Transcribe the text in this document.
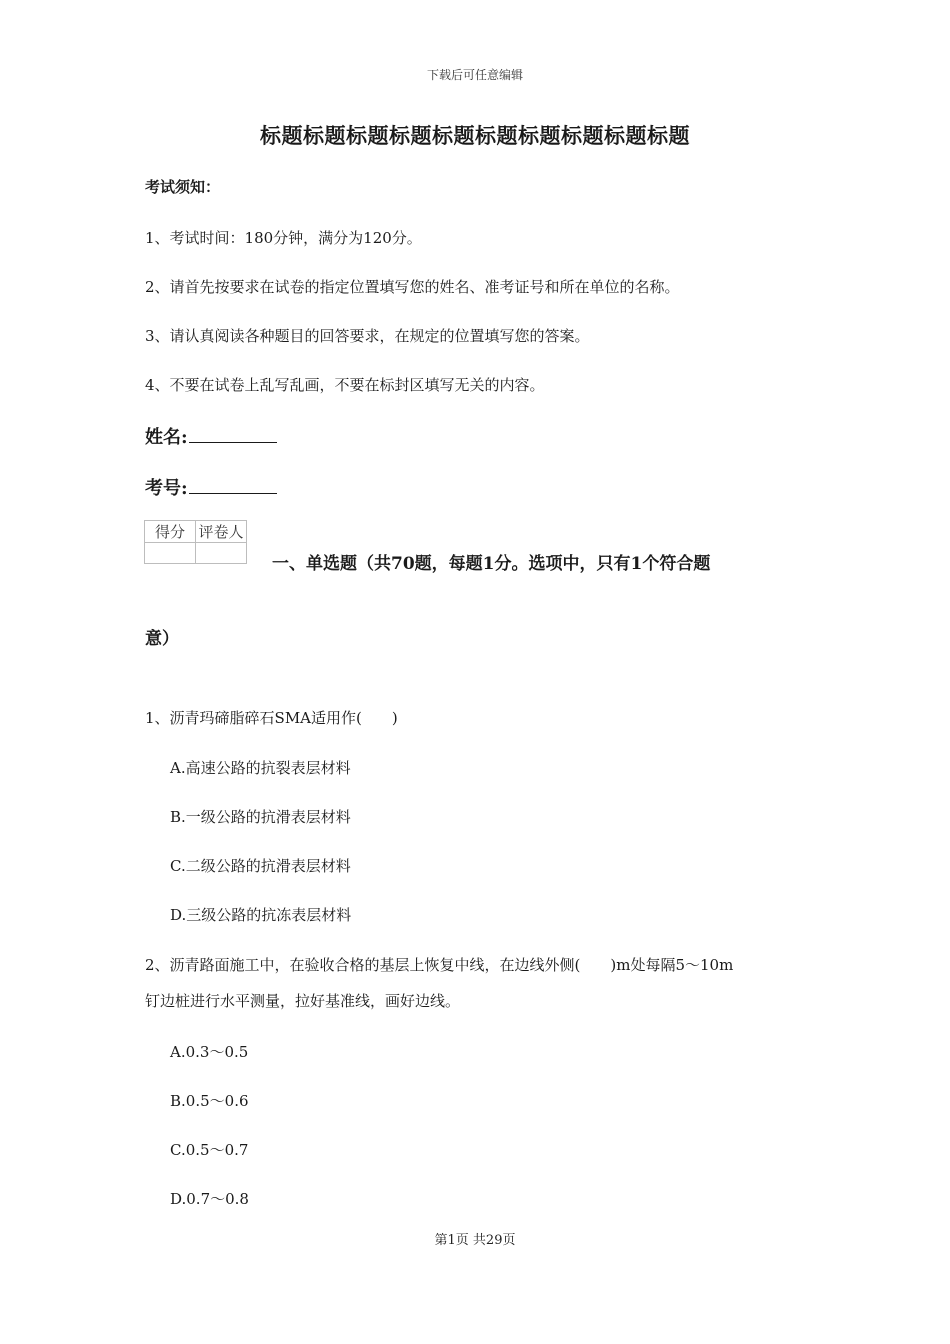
下载后可任意编辑
标题标题标题标题标题标题标题标题标题标题
考试须知：
1、考试时间：180分钟，满分为120分。
2、请首先按要求在试卷的指定位置填写您的姓名、准考证号和所在单位的名称。
3、请认真阅读各种题目的回答要求，在规定的位置填写您的答案。
4、不要在试卷上乱写乱画，不要在标封区填写无关的内容。
姓名:
考号:
得分	评卷人

一、单选题（共70题，每题1分。选项中，只有1个符合题
意）
1、沥青玛碲脂碎石SMA适用作(　　)
A.高速公路的抗裂表层材料
B.一级公路的抗滑表层材料
C.二级公路的抗滑表层材料
D.三级公路的抗冻表层材料
2、沥青路面施工中，在验收合格的基层上恢复中线，在边线外侧(　　)m处每隔5～10m
钉边桩进行水平测量，拉好基准线，画好边线。
A.0.3～0.5
B.0.5～0.6
C.0.5～0.7
D.0.7～0.8
第1页 共29页
